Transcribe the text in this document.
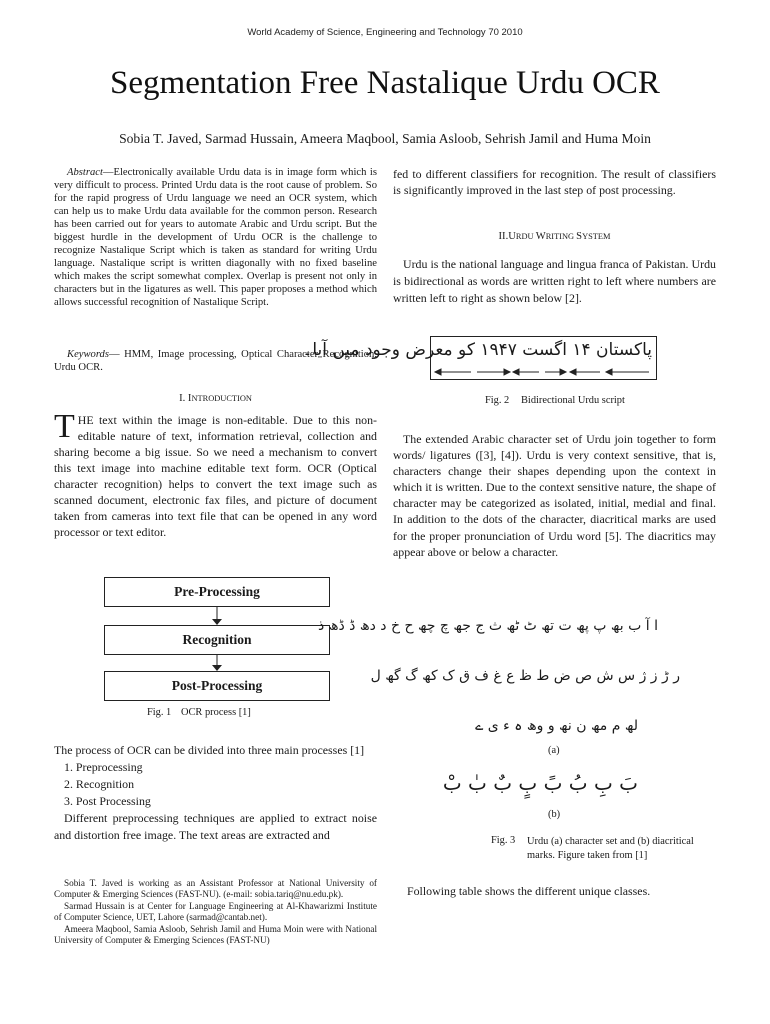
World Academy of Science, Engineering and Technology 70 2010
Segmentation Free Nastalique Urdu OCR
Sobia T. Javed, Sarmad Hussain, Ameera Maqbool, Samia Asloob, Sehrish Jamil and Huma Moin
Abstract—Electronically available Urdu data is in image form which is very difficult to process. Printed Urdu data is the root cause of problem. So for the rapid progress of Urdu language we need an OCR system, which can help us to make Urdu data available for the common person. Research has been carried out for years to automate Arabic and Urdu script. But the biggest hurdle in the development of Urdu OCR is the challenge to recognize Nastalique Script which is taken as standard for writing Urdu language. Nastalique script is written diagonally with no fixed baseline which makes the script somewhat complex. Overlap is present not only in characters but in the ligatures as well. This paper proposes a method which allows successful recognition of Nastalique Script.
Keywords— HMM, Image processing, Optical Character Recognition, Urdu OCR.
I. INTRODUCTION
THE text within the image is non-editable. Due to this non-editable nature of text, information retrieval, collection and sharing become a big issue. So we need a mechanism to convert this text image into machine editable text form. OCR (Optical character recognition) helps to convert the text image such as scanned document, electronic fax files, and picture of document taken from cameras into text file that can be opened in any word processor or text editor.
Pre-Processing
Recognition
Post-Processing
Fig. 1 OCR process [1]

The process of OCR can be divided into three main processes [1]

1. Preprocessing

2. Recognition

3. Post Processing

Different preprocessing techniques are applied to extract noise and distortion free image. The text areas are extracted and

Sobia T. Javed is working as an Assistant Professor at National University of Computer & Emerging Sciences (FAST-NU). (e-mail: sobia.tariq@nu.edu.pk).

Sarmad Hussain is at Center for Language Engineering at Al-Khawarizmi Institute of Computer Science, UET, Lahore (sarmad@cantab.net).

Ameera Maqbool, Samia Asloob, Sehrish Jamil and Huma Moin were with National University of Computer & Emerging Sciences (FAST-NU)

fed to different classifiers for recognition. The result of classifiers is significantly improved in the last step of post processing.
II.URDU WRITING SYSTEM
Urdu is the national language and lingua franca of Pakistan. Urdu is bidirectional as words are written right to left where numbers are written left to right as shown below [2].
پاکستان ۱۴ اگست ۱۹۴۷ کو معرض وجود میں آیا۔
Fig. 2 Bidirectional Urdu script
The extended Arabic character set of Urdu join together to form words/ ligatures ([3], [4]). Urdu is very context sensitive, that is, characters change their shapes depending upon the context in which it is written. Due to the context sensitive nature, the shape of character may be categorized as isolated, initial, medial and final. In addition to the dots of the character, diacritical marks are used for the proper pronunciation of Urdu word [5]. The diacritics may appear above or below a character.
ا آ ب بھ پ پھ ت تھ ٹ ٹھ ث ج جھ چ چھ ح خ د دھ ڈ ڈھ ذ
ر ڑ ز ژ س ش ص ض ط ظ ع غ ف ق ک کھ گ گھ ل
لھ م مھ ن نھ و وھ ہ ء ی ے
(a)
بَ بِ بُ بً بٍ بٌ بٰ بْ
(b)
Fig. 3 Urdu (a) character set and (b) diacritical marks. Figure taken from [1]
Following table shows the different unique classes.
